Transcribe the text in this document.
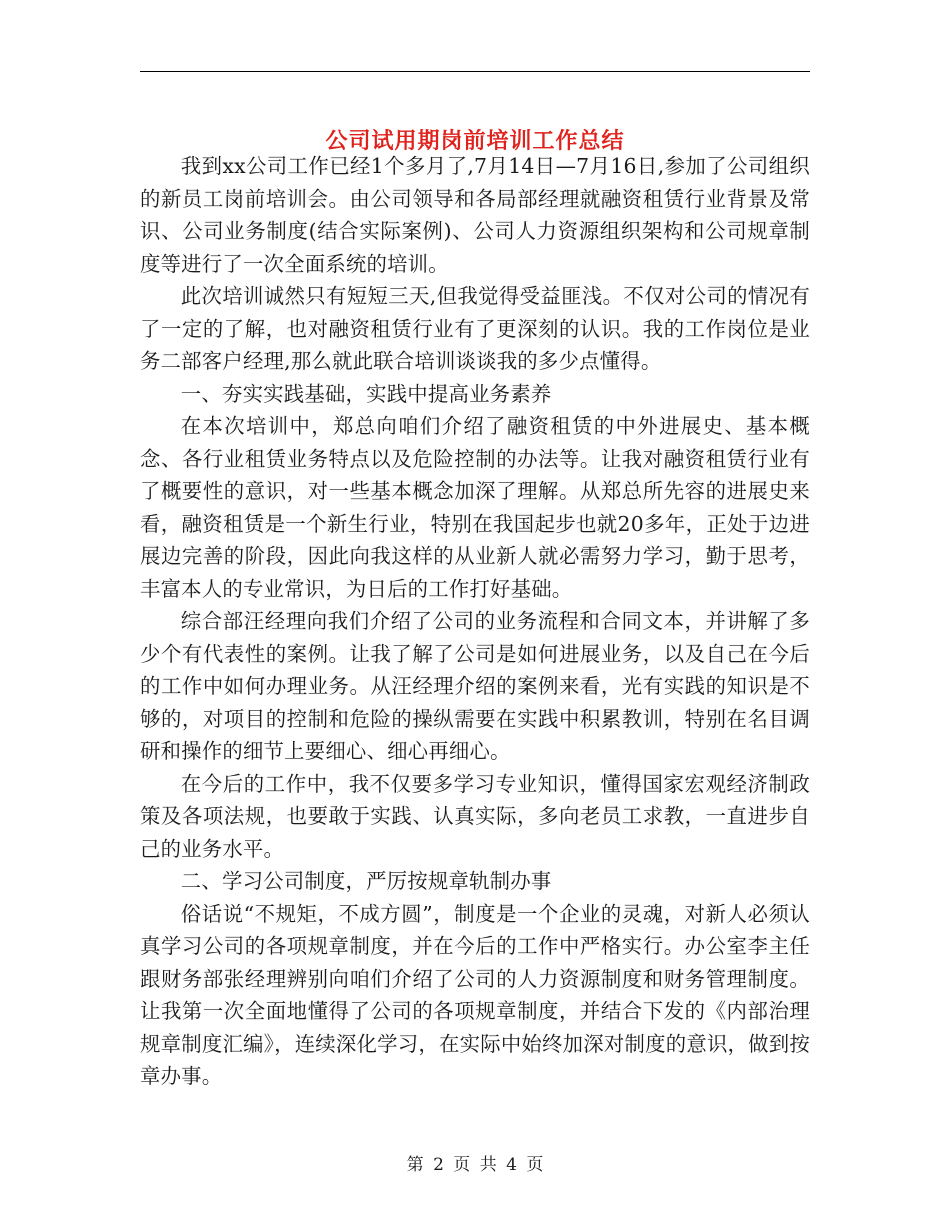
公司试用期岗前培训工作总结

我到xx公司工作已经1个多月了,7月14日—7月16日,参加了公司组织的新员工岗前培训会。由公司领导和各局部经理就融资租赁行业背景及常识、公司业务制度(结合实际案例)、公司人力资源组织架构和公司规章制度等进行了一次全面系统的培训。

此次培训诚然只有短短三天,但我觉得受益匪浅。不仅对公司的情况有了一定的了解，也对融资租赁行业有了更深刻的认识。我的工作岗位是业务二部客户经理,那么就此联合培训谈谈我的多少点懂得。

一、夯实实践基础，实践中提高业务素养

在本次培训中，郑总向咱们介绍了融资租赁的中外进展史、基本概念、各行业租赁业务特点以及危险控制的办法等。让我对融资租赁行业有了概要性的意识，对一些基本概念加深了理解。从郑总所先容的进展史来看，融资租赁是一个新生行业，特别在我国起步也就20多年，正处于边进展边完善的阶段，因此向我这样的从业新人就必需努力学习，勤于思考，丰富本人的专业常识，为日后的工作打好基础。

综合部汪经理向我们介绍了公司的业务流程和合同文本，并讲解了多少个有代表性的案例。让我了解了公司是如何进展业务，以及自己在今后的工作中如何办理业务。从汪经理介绍的案例来看，光有实践的知识是不够的，对项目的控制和危险的操纵需要在实践中积累教训，特别在名目调研和操作的细节上要细心、细心再细心。

在今后的工作中，我不仅要多学习专业知识，懂得国家宏观经济制政策及各项法规，也要敢于实践、认真实际，多向老员工求教，一直进步自己的业务水平。

二、学习公司制度，严厉按规章轨制办事

俗话说“不规矩，不成方圆”，制度是一个企业的灵魂，对新人必须认真学习公司的各项规章制度，并在今后的工作中严格实行。办公室李主任跟财务部张经理辨别向咱们介绍了公司的人力资源制度和财务管理制度。让我第一次全面地懂得了公司的各项规章制度，并结合下发的《内部治理规章制度汇编》，连续深化学习，在实际中始终加深对制度的意识，做到按章办事。

第 2 页 共 4 页
